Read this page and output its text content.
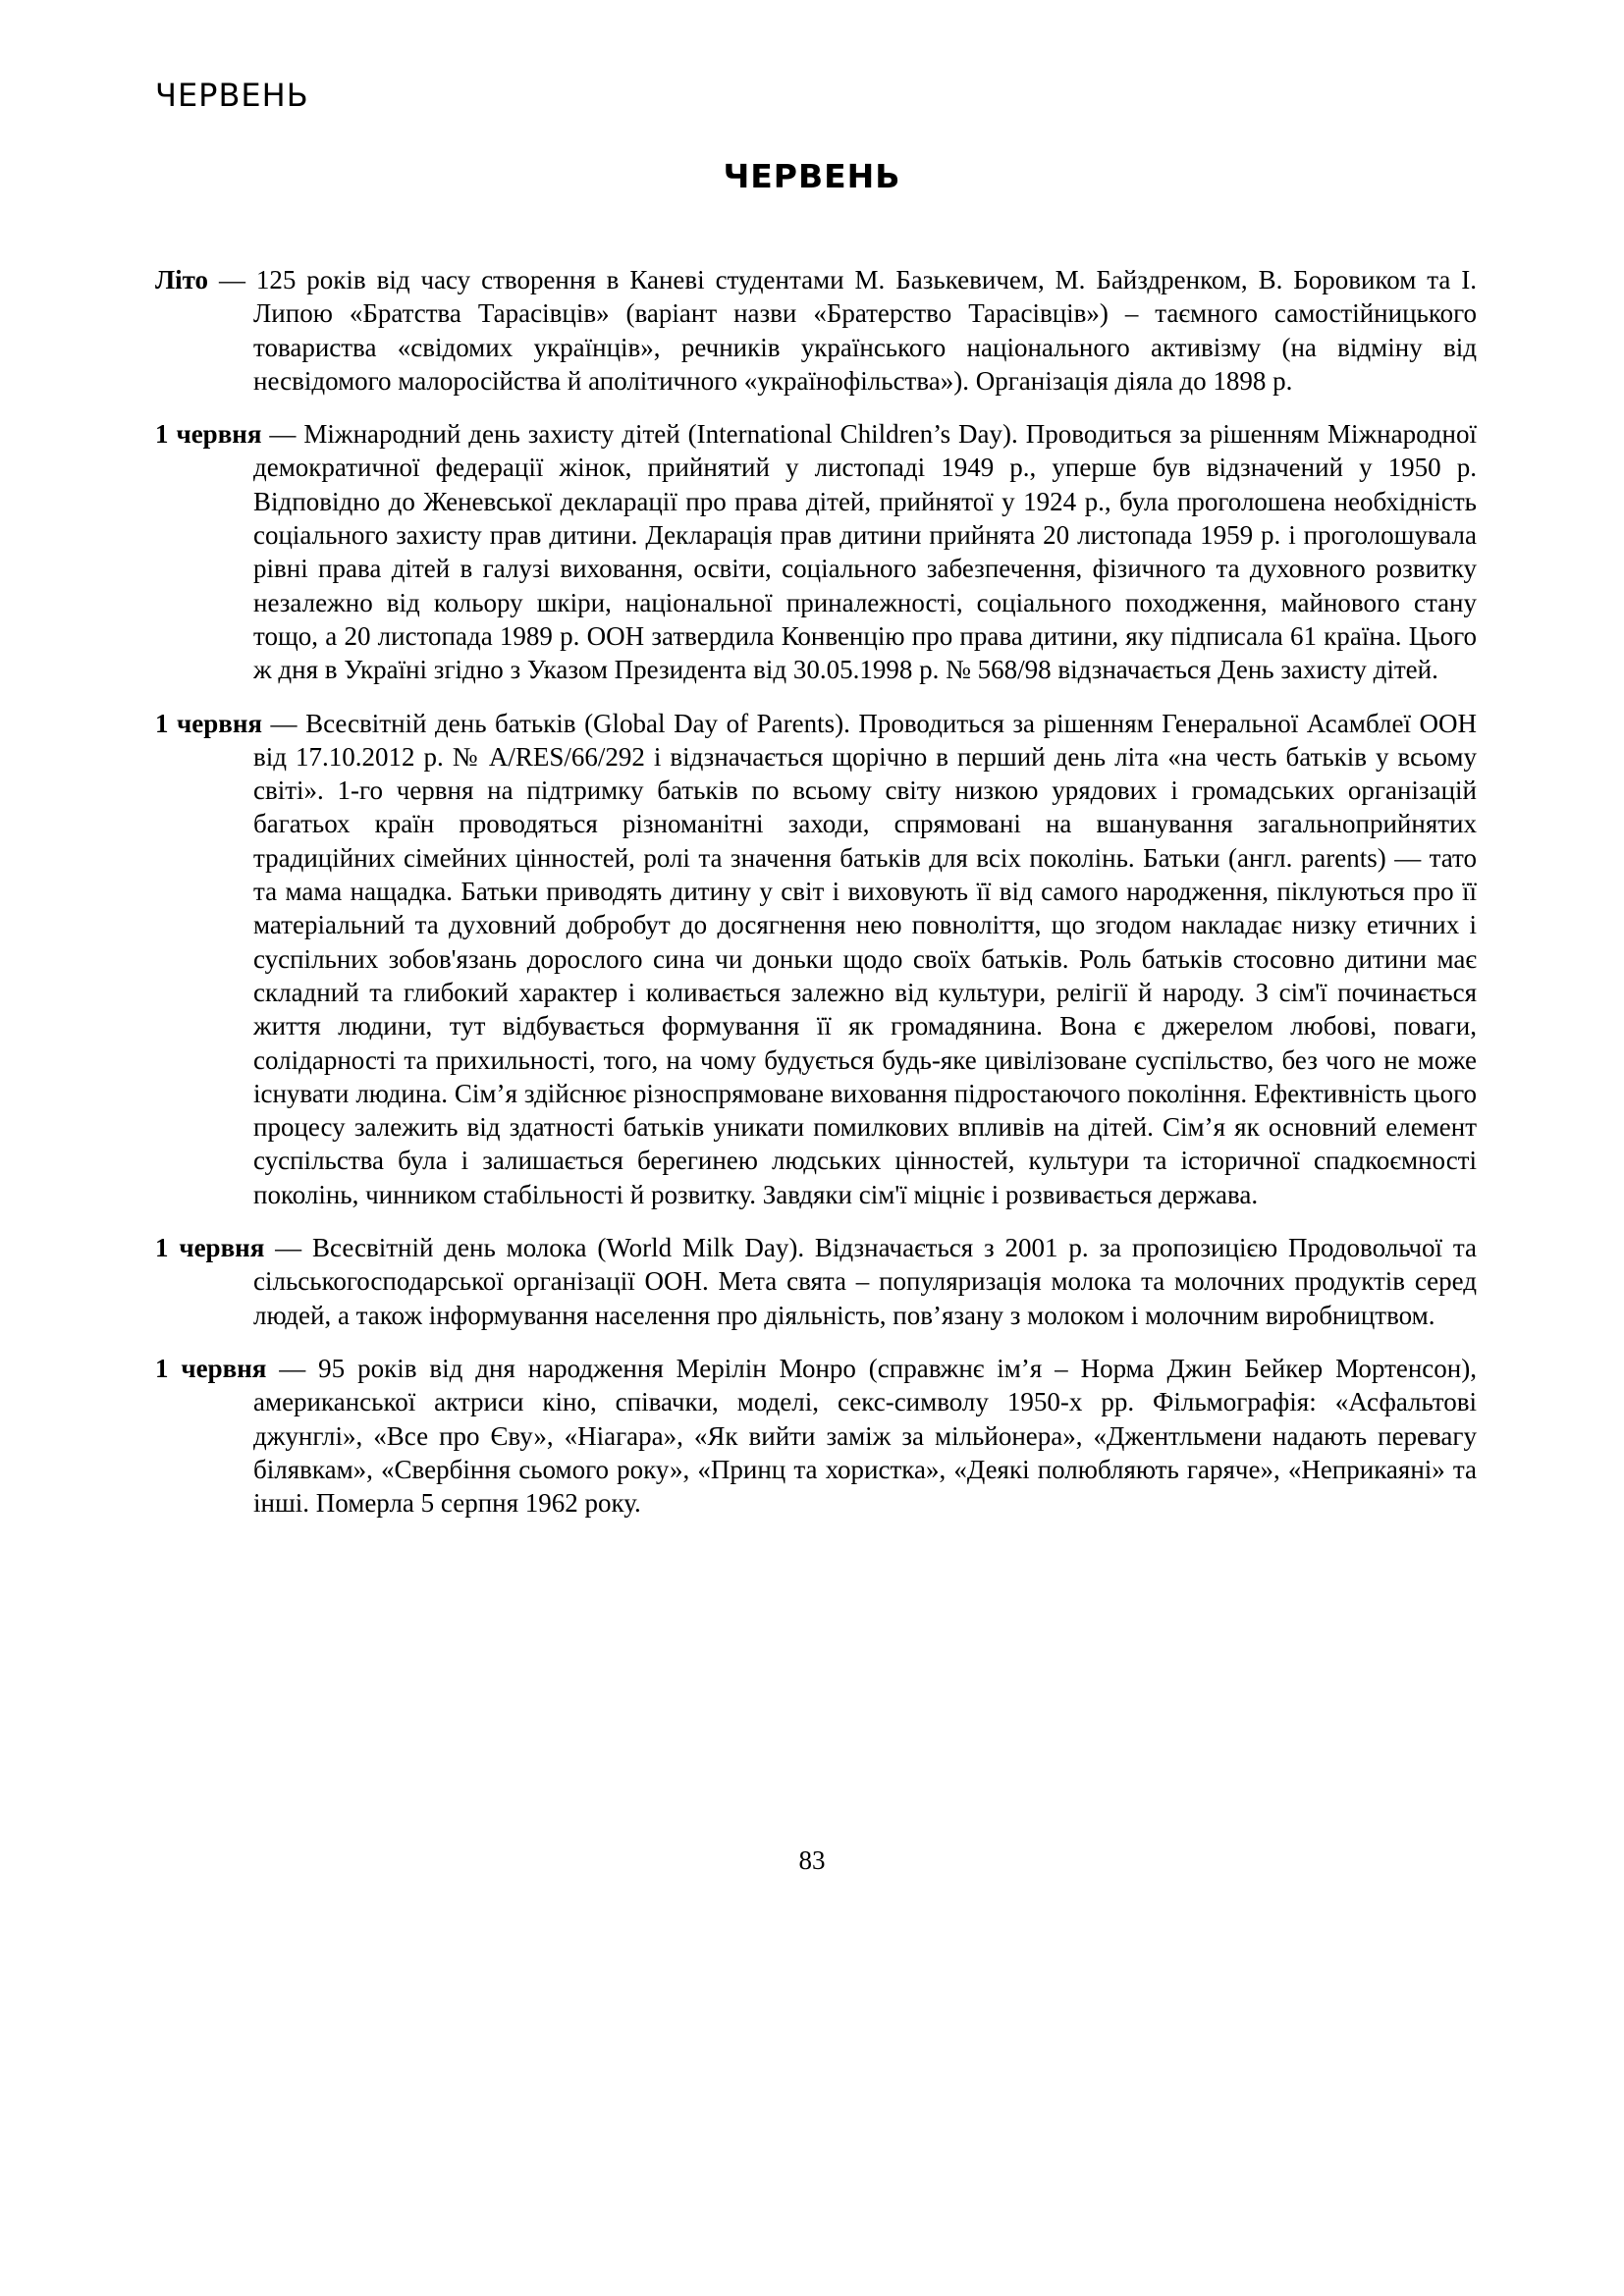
ЧЕРВЕНЬ
ЧЕРВЕНЬ

Літо — 125 років від часу створення в Каневі студентами М. Базькевичем, М. Байздренком, В. Боровиком та І. Липою «Братства Тарасівців» (варіант назви «Братерство Тарасівців») – таємного самостійницького товариства «свідомих українців», речників українського національного активізму (на відміну від несвідомого малоросійства й аполітичного «українофільства»). Організація діяла до 1898 р.

1 червня — Міжнародний день захисту дітей (International Children’s Day). Проводиться за рішенням Міжнародної демократичної федерації жінок, прийнятий у листопаді 1949 р., уперше був відзначений у 1950 р. Відповідно до Женевської декларації про права дітей, прийнятої у 1924 р., була проголошена необхідність соціального захисту прав дитини. Декларація прав дитини прийнята 20 листопада 1959 р. і проголошувала рівні права дітей в галузі виховання, освіти, соціального забезпечення, фізичного та духовного розвитку незалежно від кольору шкіри, національної приналежності, соціального походження, майнового стану тощо, а 20 листопада 1989 р. ООН затвердила Конвенцію про права дитини, яку підписала 61 країна. Цього ж дня в Україні згідно з Указом Президента від 30.05.1998 р. № 568/98 відзначається День захисту дітей.

1 червня — Всесвітній день батьків (Global Day of Parents). Проводиться за рішенням Генеральної Асамблеї ООН від 17.10.2012 р. № A/RES/66/292 і відзначається щорічно в перший день літа «на честь батьків у всьому світі». 1-го червня на підтримку батьків по всьому світу низкою урядових і громадських організацій багатьох країн проводяться різноманітні заходи, спрямовані на вшанування загальноприйнятих традиційних сімейних цінностей, ролі та значення батьків для всіх поколінь. Батьки (англ. parents) — тато та мама нащадка. Батьки приводять дитину у світ і виховують її від самого народження, піклуються про її матеріальний та духовний добробут до досягнення нею повноліття, що згодом накладає низку етичних і суспільних зобов'язань дорослого сина чи доньки щодо своїх батьків. Роль батьків стосовно дитини має складний та глибокий характер і коливається залежно від культури, релігії й народу. З сім'ї починається життя людини, тут відбувається формування її як громадянина. Вона є джерелом любові, поваги, солідарності та прихильності, того, на чому будується будь-яке цивілізоване суспільство, без чого не може існувати людина. Сім’я здійснює різноспрямоване виховання підростаючого покоління. Ефективність цього процесу залежить від здатності батьків уникати помилкових впливів на дітей. Сім’я як основний елемент суспільства була і залишається берегинею людських цінностей, культури та історичної спадкоємності поколінь, чинником стабільності й розвитку. Завдяки сім'ї міцніє і розвивається держава.

1 червня — Всесвітній день молока (World Milk Day). Відзначається з 2001 р. за пропозицією Продовольчої та сільськогосподарської організації ООН. Мета свята – популяризація молока та молочних продуктів серед людей, а також інформування населення про діяльність, пов’язану з молоком і молочним виробництвом.

1 червня — 95 років від дня народження Мерілін Монро (справжнє ім’я – Норма Джин Бейкер Мортенсон), американської актриси кіно, співачки, моделі, секс-символу 1950-х рр. Фільмографія: «Асфальтові джунглі», «Все про Єву», «Ніагара», «Як вийти заміж за мільйонера», «Джентльмени надають перевагу білявкам», «Свербіння сьомого року», «Принц та хористка», «Деякі полюбляють гаряче», «Неприкаяні» та інші. Померла 5 серпня 1962 року.

83
